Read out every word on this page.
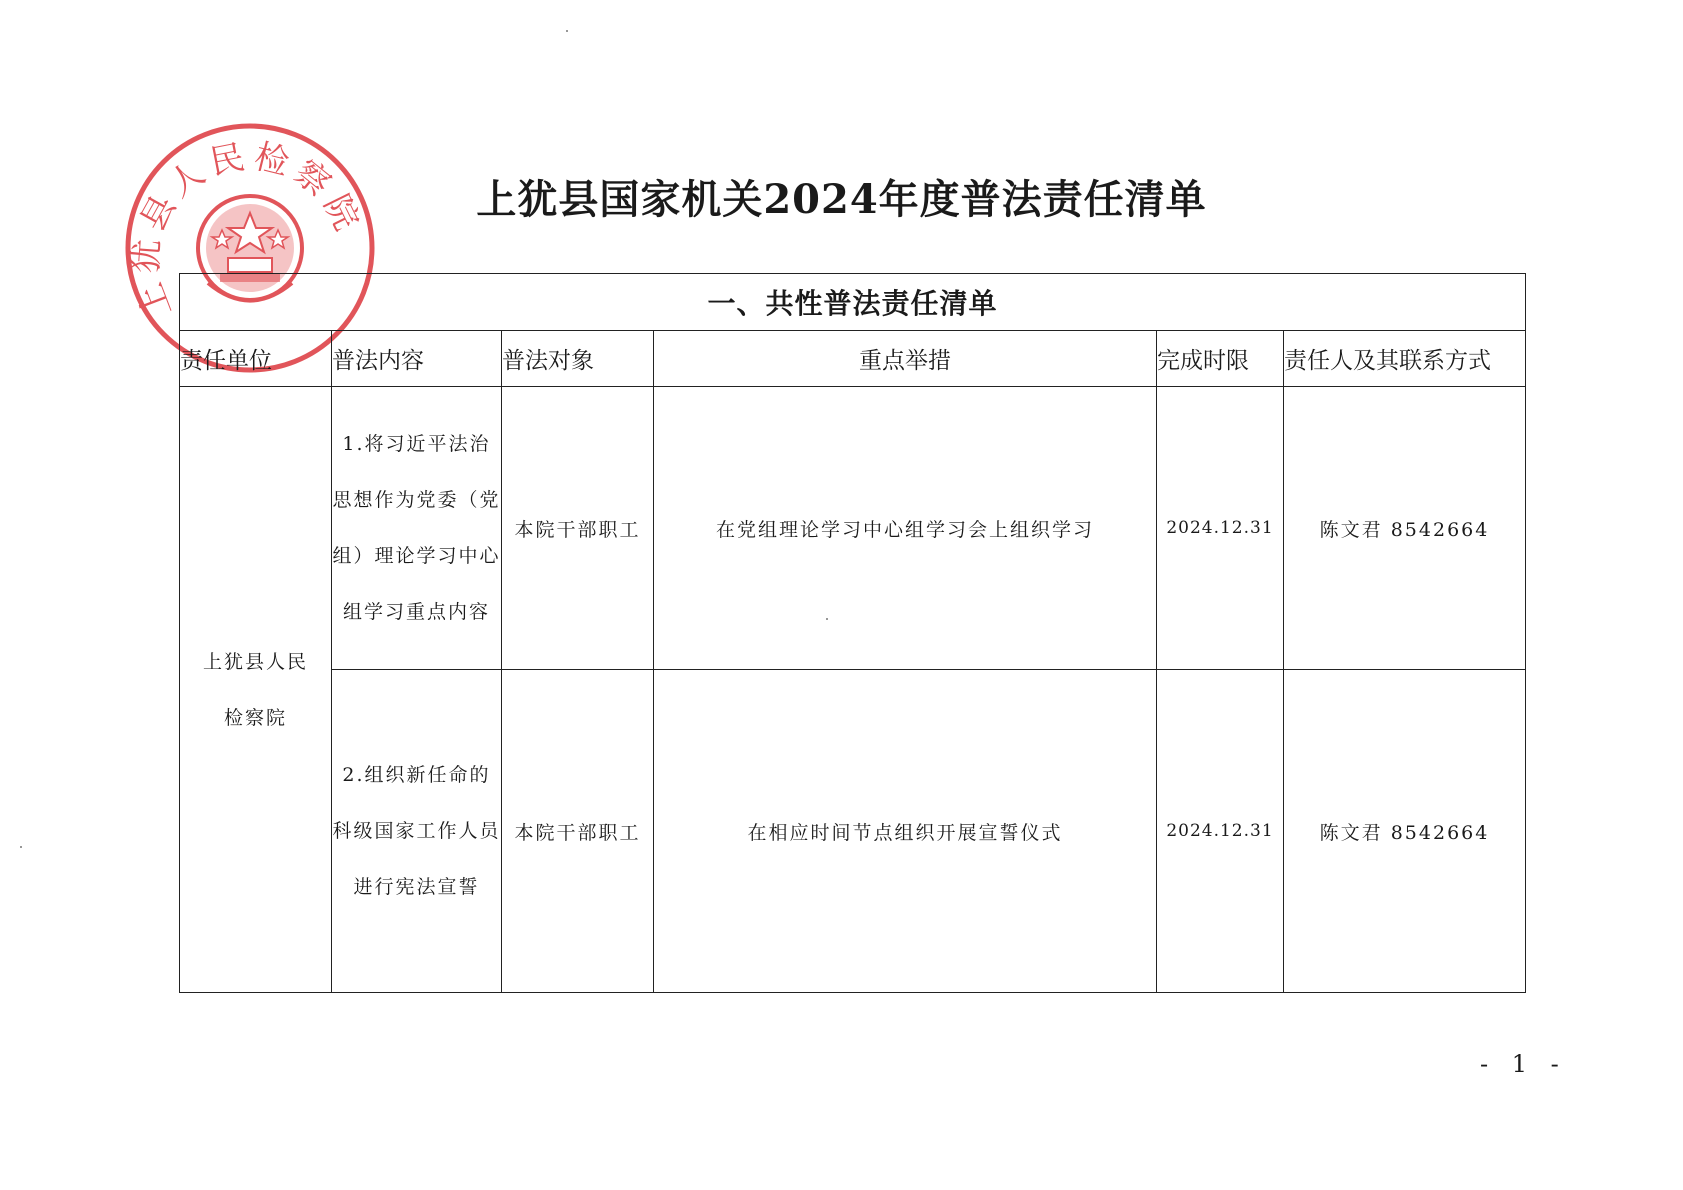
上犹县人民检察院	上犹县国家机关2024年度普法责任清单
一、共性普法责任清单					
责任单位	普法内容	普法对象	重点举措	完成时限	责任人及其联系方式

上犹县人民检察院	1.将习近平法治思想作为党委（党组）理论学习中心组学习重点内容	本院干部职工	在党组理论学习中心组学习会上组织学习	2024.12.31	陈文君 8542664

	2.组织新任命的科级国家工作人员进行宪法宣誓	本院干部职工	在相应时间节点组织开展宣誓仪式	2024.12.31	陈文君 8542664
- 1 -
